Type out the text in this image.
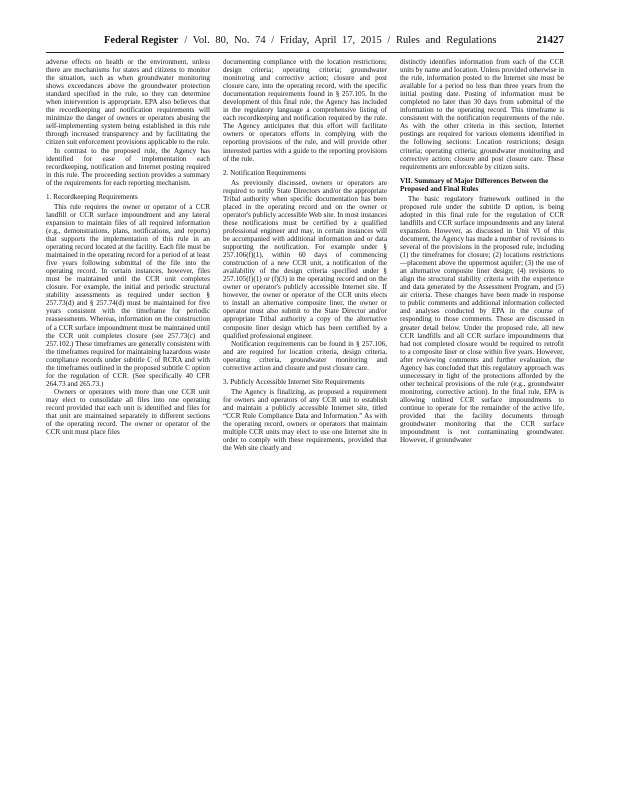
Federal Register / Vol. 80, No. 74 / Friday, April 17, 2015 / Rules and Regulations	21427

adverse effects on health or the environment, unless there are mechanisms for states and citizens to monitor the situation, such as when groundwater monitoring shows exceedances above the groundwater protection standard specified in the rule, so they can determine when intervention is appropriate. EPA also believes that the recordkeeping and notification requirements will minimize the danger of owners or operators abusing the self-implementing system being established in this rule through increased transparency and by facilitating the citizen suit enforcement provisions applicable to the rule.

In contrast to the proposed rule, the Agency has identified for ease of implementation each recordkeeping, notification and Internet posting required in this rule. The proceeding section provides a summary of the requirements for each reporting mechanism.

1. Recordkeeping Requirements

This rule requires the owner or operator of a CCR landfill or CCR surface impoundment and any lateral expansion to maintain files of all required information (e.g., demonstrations, plans, notifications, and reports) that supports the implementation of this rule in an operating record located at the facility. Each file must be maintained in the operating record for a period of at least five years following submittal of the file into the operating record. In certain instances, however, files must be maintained until the CCR unit completes closure. For example, the initial and periodic structural stability assessments as required under section § 257.73(d) and § 257.74(d) must be maintained for five years consistent with the timeframe for periodic reassessments. Whereas, information on the construction of a CCR surface impoundment must be maintained until the CCR unit completes closure (see 257.73(c) and 257.102.) These timeframes are generally consistent with the timeframes required for maintaining hazardous waste compliance records under subtitle C of RCRA and with the timeframes outlined in the proposed subtitle C option for the regulation of CCR. (See specifically 40 CFR 264.73 and 265.73.)

Owners or operators with more than one CCR unit may elect to consolidate all files into one operating record provided that each unit is identified and files for that unit are maintained separately in different sections of the operating record. The owner or operator of the CCR unit must place files

documenting compliance with the location restrictions; design criteria; operating criteria; groundwater monitoring and corrective action; closure and post closure care, into the operating record, with the specific documentation requirements found in § 257.105. In the development of this final rule, the Agency has included in the regulatory language a comprehensive listing of each recordkeeping and notification required by the rule. The Agency anticipates that this effort will facilitate owners or operators efforts in complying with the reporting provisions of the rule, and will provide other interested parties with a guide to the reporting provisions of the rule.

2. Notification Requirements

As previously discussed, owners or operators are required to notify State Directors and/or the appropriate Tribal authority when specific documentation has been placed in the operating record and on the owner or operator's publicly accessible Web site. In most instances these notifications must be certified by a qualified professional engineer and may, in certain instances will be accompanied with additional information and or data supporting the notification. For example under § 257.106(f)(1), within 60 days of commencing construction of a new CCR unit, a notification of the availability of the design criteria specified under § 257.105(f)(1) or (f)(3) in the operating record and on the owner or operator's publicly accessible Internet site. If however, the owner or operator of the CCR units elects to install an alternative composite liner, the owner or operator must also submit to the State Director and/or appropriate Tribal authority a copy of the alternative composite liner design which has been certified by a qualified professional engineer.

Notification requirements can be found in § 257.106, and are required for location criteria, design criteria, operating criteria, groundwater monitoring and corrective action and closure and post closure care.

3. Publicly Accessible Internet Site Requirements

The Agency is finalizing, as proposed a requirement for owners and operators of any CCR unit to establish and maintain a publicly accessible Internet site, titled “CCR Rule Compliance Data and Information.” As with the operating record, owners or operators that maintain multiple CCR units may elect to use one Internet site in order to comply with these requirements, provided that the Web site clearly and

distinctly identifies information from each of the CCR units by name and location. Unless provided otherwise in the rule, information posted to the Internet site must be available for a period no less than three years from the initial posting date. Posting of information must be completed no later than 30 days from submittal of the information to the operating record. This timeframe is consistent with the notification requirements of the rule. As with the other criteria in this section, Internet postings are required for various elements identified in the following sections: Location restrictions; design criteria; operating criteria; groundwater monitoring and corrective action; closure and post closure care. These requirements are enforceable by citizen suits.

VII. Summary of Major Differences Between the Proposed and Final Rules

The basic regulatory framework outlined in the proposed rule under the subtitle D option, is being adopted in this final rule for the regulation of CCR landfills and CCR surface impoundments and any lateral expansion. However, as discussed in Unit VI of this document, the Agency has made a number of revisions to several of the provisions in the proposed rule, including (1) the timeframes for closure; (2) locations restrictions—placement above the uppermost aquifer; (3) the use of an alternative composite liner design; (4) revisions to align the structural stability criteria with the experience and data generated by the Assessment Program, and (5) air criteria. These changes have been made in response to public comments and additional information collected and analyses conducted by EPA in the course of responding to those comments. These are discussed in greater detail below. Under the proposed rule, all new CCR landfills and all CCR surface impoundments that had not completed closure would be required to retrofit to a composite liner or close within five years. However, after reviewing comments and further evaluation, the Agency has concluded that this regulatory approach was unnecessary in light of the protections afforded by the other technical provisions of the rule (e.g., groundwater monitoring, corrective action). In the final rule, EPA is allowing unlined CCR surface impoundments to continue to operate for the remainder of the active life, provided that the facility documents through groundwater monitoring that the CCR surface impoundment is not contaminating groundwater. However, if groundwater
